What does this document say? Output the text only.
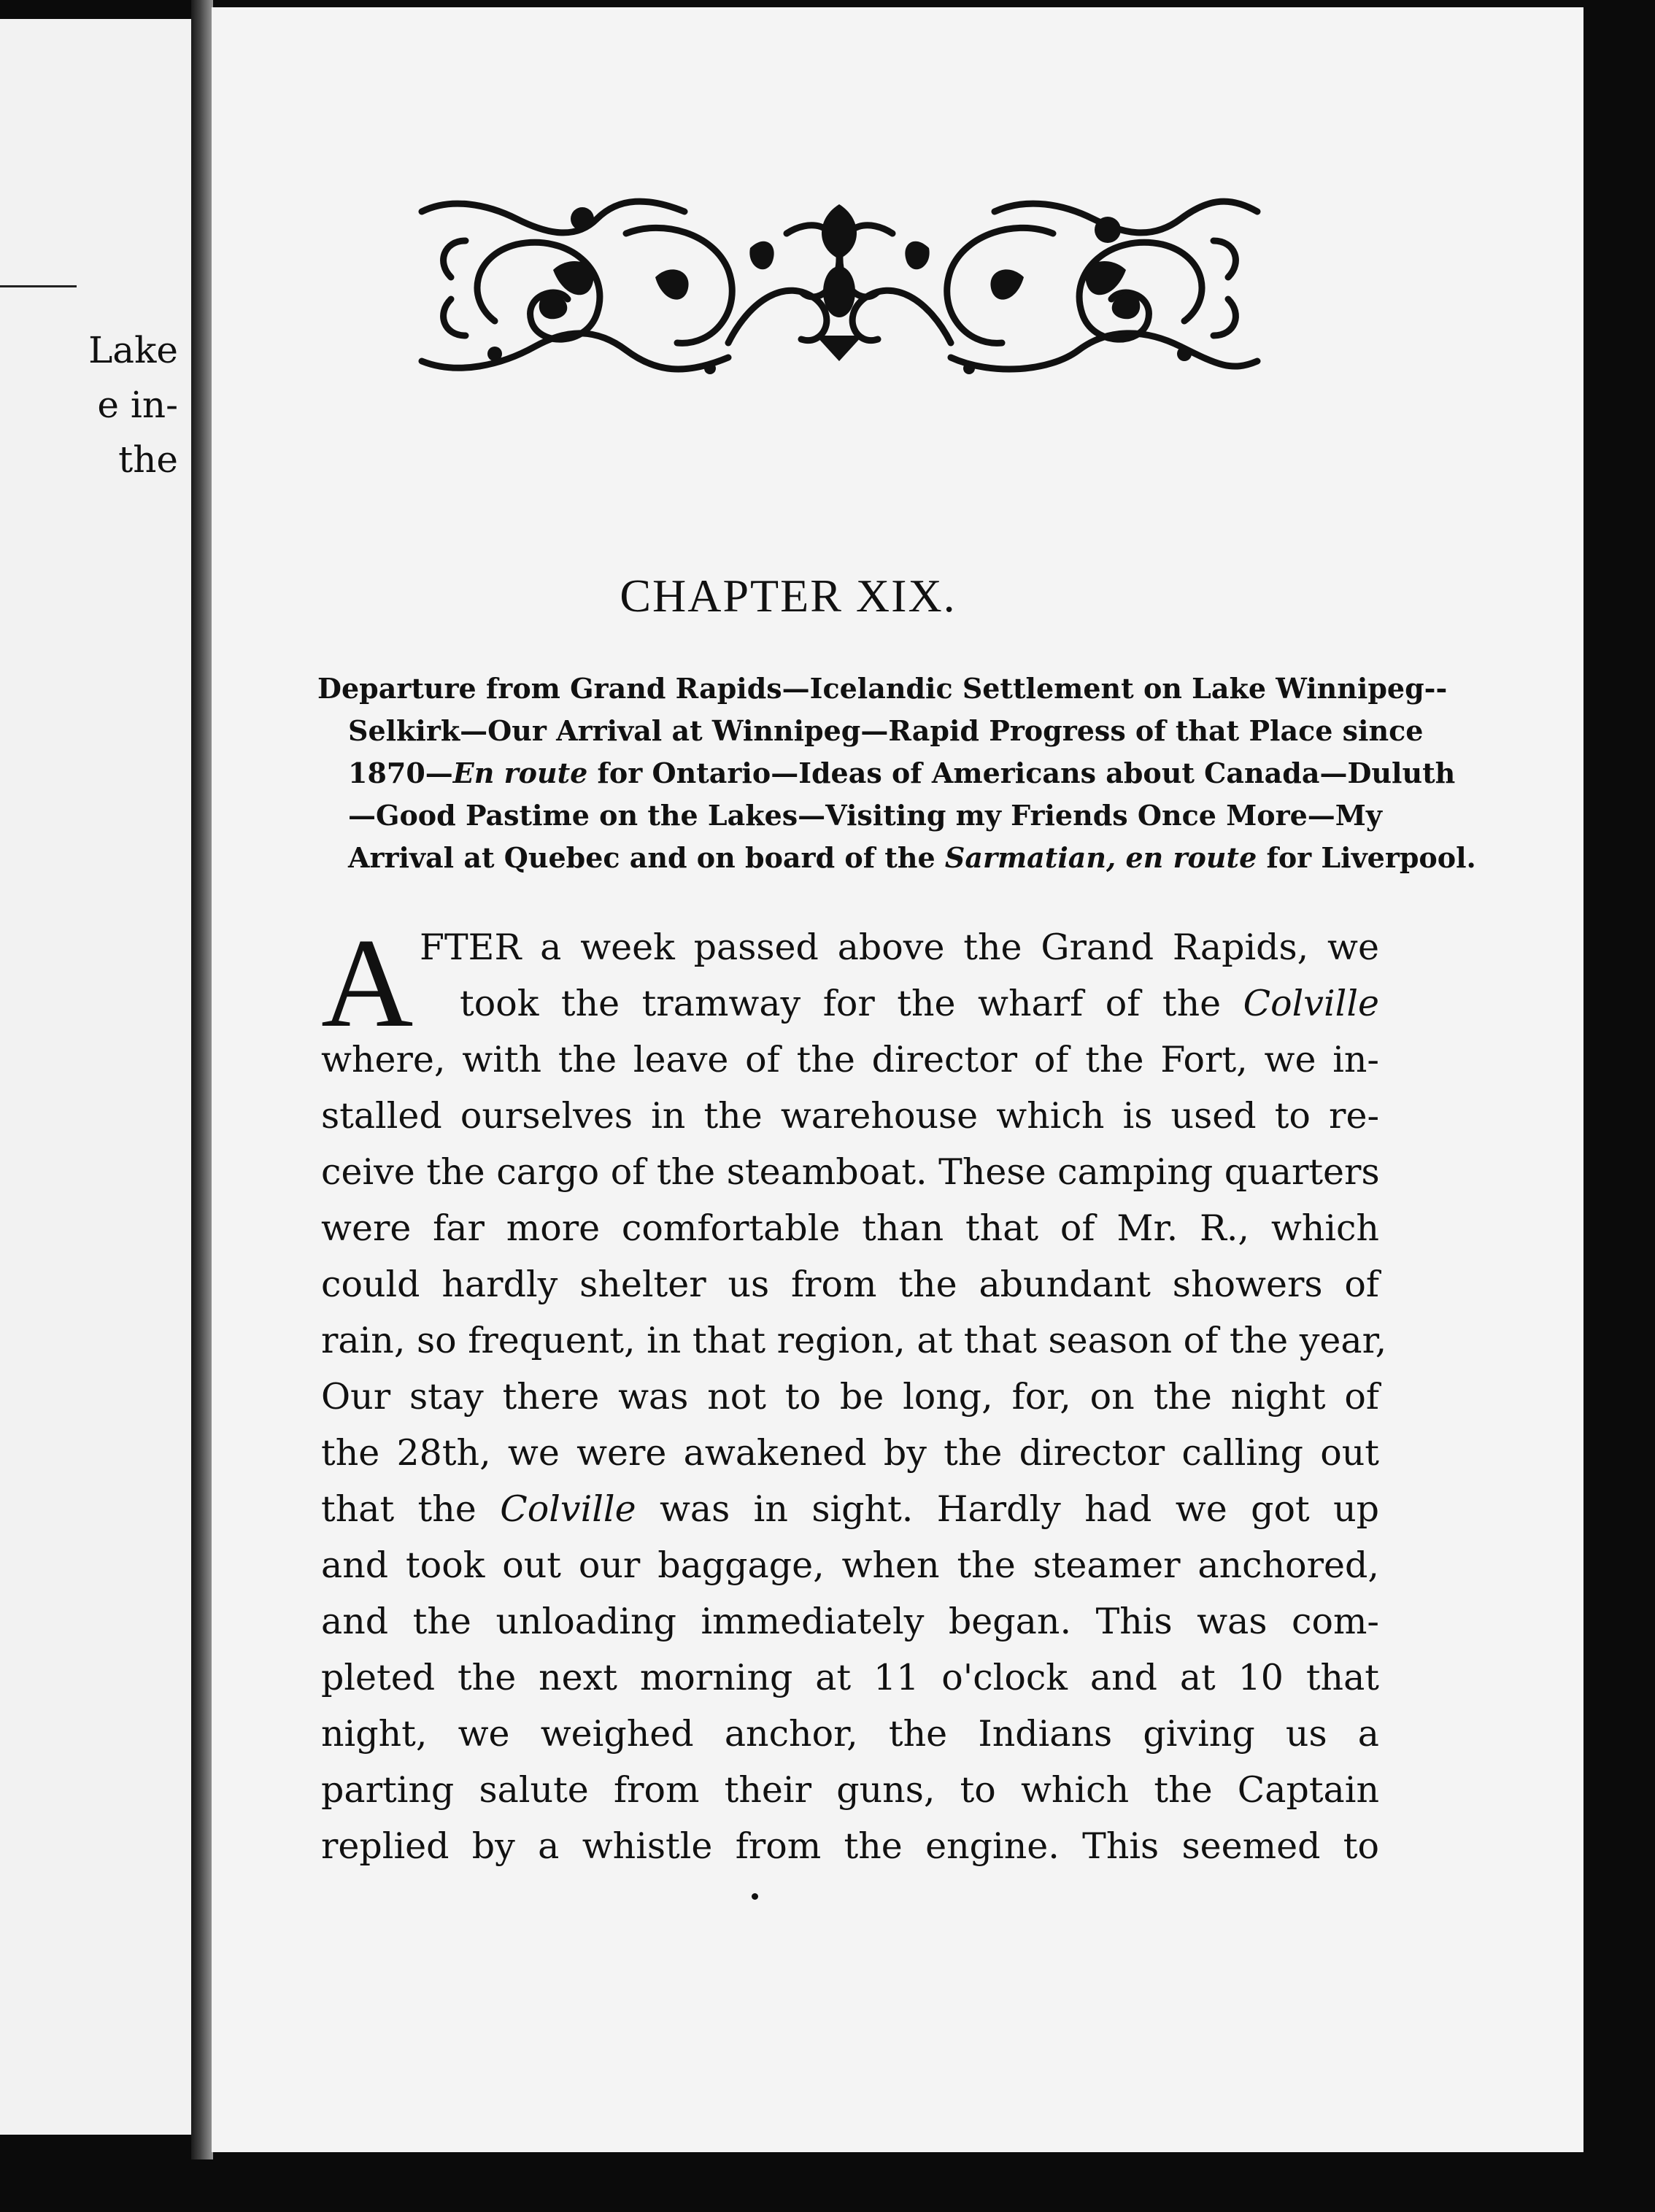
Lake
e in-
the
CHAPTER XIX.
Departure from Grand Rapids—Icelandic Settlement on Lake Winnipeg--
Selkirk—Our Arrival at Winnipeg—Rapid Progress of that Place since
1870—En route for Ontario—Ideas of Americans about Canada—Duluth
—Good Pastime on the Lakes—Visiting my Friends Once More—My
Arrival at Quebec and on board of the Sarmatian, en route for Liverpool.
A FTER a week passed above the Grand Rapids, we
took the tramway for the wharf of the Colville
where, with the leave of the director of the Fort, we in-
stalled ourselves in the warehouse which is used to re-
ceive the cargo of the steamboat. These camping quarters
were far more comfortable than that of Mr. R., which
could hardly shelter us from the abundant showers of
rain, so frequent, in that region, at that season of the year,
Our stay there was not to be long, for, on the night of
the 28th, we were awakened by the director calling out
that the Colville was in sight. Hardly had we got up
and took out our baggage, when the steamer anchored,
and the unloading immediately began. This was com-
pleted the next morning at 11 o'clock and at 10 that
night, we weighed anchor, the Indians giving us a
parting salute from their guns, to which the Captain
replied by a whistle from the engine. This seemed to
